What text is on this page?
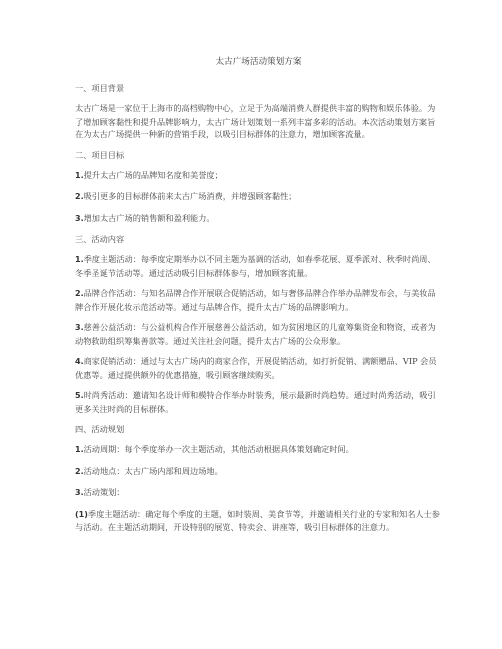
太古广场活动策划方案
一、项目背景
太古广场是一家位于上海市的高档购物中心，立足于为高端消费人群提供丰富的购物和娱乐体验。为了增加顾客黏性和提升品牌影响力，太古广场计划策划一系列丰富多彩的活动。本次活动策划方案旨在为太古广场提供一种新的营销手段，以吸引目标群体的注意力，增加顾客流量。
二、项目目标
1.提升太古广场的品牌知名度和美誉度；
2.吸引更多的目标群体前来太古广场消费，并增强顾客黏性；
3.增加太古广场的销售额和盈利能力。
三、活动内容
1.季度主题活动：每季度定期举办以不同主题为基调的活动，如春季花展、夏季派对、秋季时尚周、冬季圣诞节活动等。通过活动吸引目标群体参与，增加顾客流量。
2.品牌合作活动：与知名品牌合作开展联合促销活动，如与奢侈品牌合作举办品牌发布会，与美妆品牌合作开展化妆示范活动等。通过与品牌合作，提升太古广场的品牌影响力。
3.慈善公益活动：与公益机构合作开展慈善公益活动，如为贫困地区的儿童筹集资金和物资，或者为动物救助组织筹集善款等。通过关注社会问题，提升太古广场的公众形象。
4.商家促销活动：通过与太古广场内的商家合作，开展促销活动，如打折促销、满额赠品、VIP 会员优惠等。通过提供额外的优惠措施，吸引顾客继续购买。
5.时尚秀活动：邀请知名设计师和模特合作举办时装秀，展示最新时尚趋势。通过时尚秀活动，吸引更多关注时尚的目标群体。
四、活动规划
1.活动周期：每个季度举办一次主题活动，其他活动根据具体策划确定时间。
2.活动地点：太古广场内部和周边场地。
3.活动策划：
(1)季度主题活动：确定每个季度的主题，如时装周、美食节等，并邀请相关行业的专家和知名人士参与活动。在主题活动期间，开设特别的展览、特卖会、讲座等，吸引目标群体的注意力。
